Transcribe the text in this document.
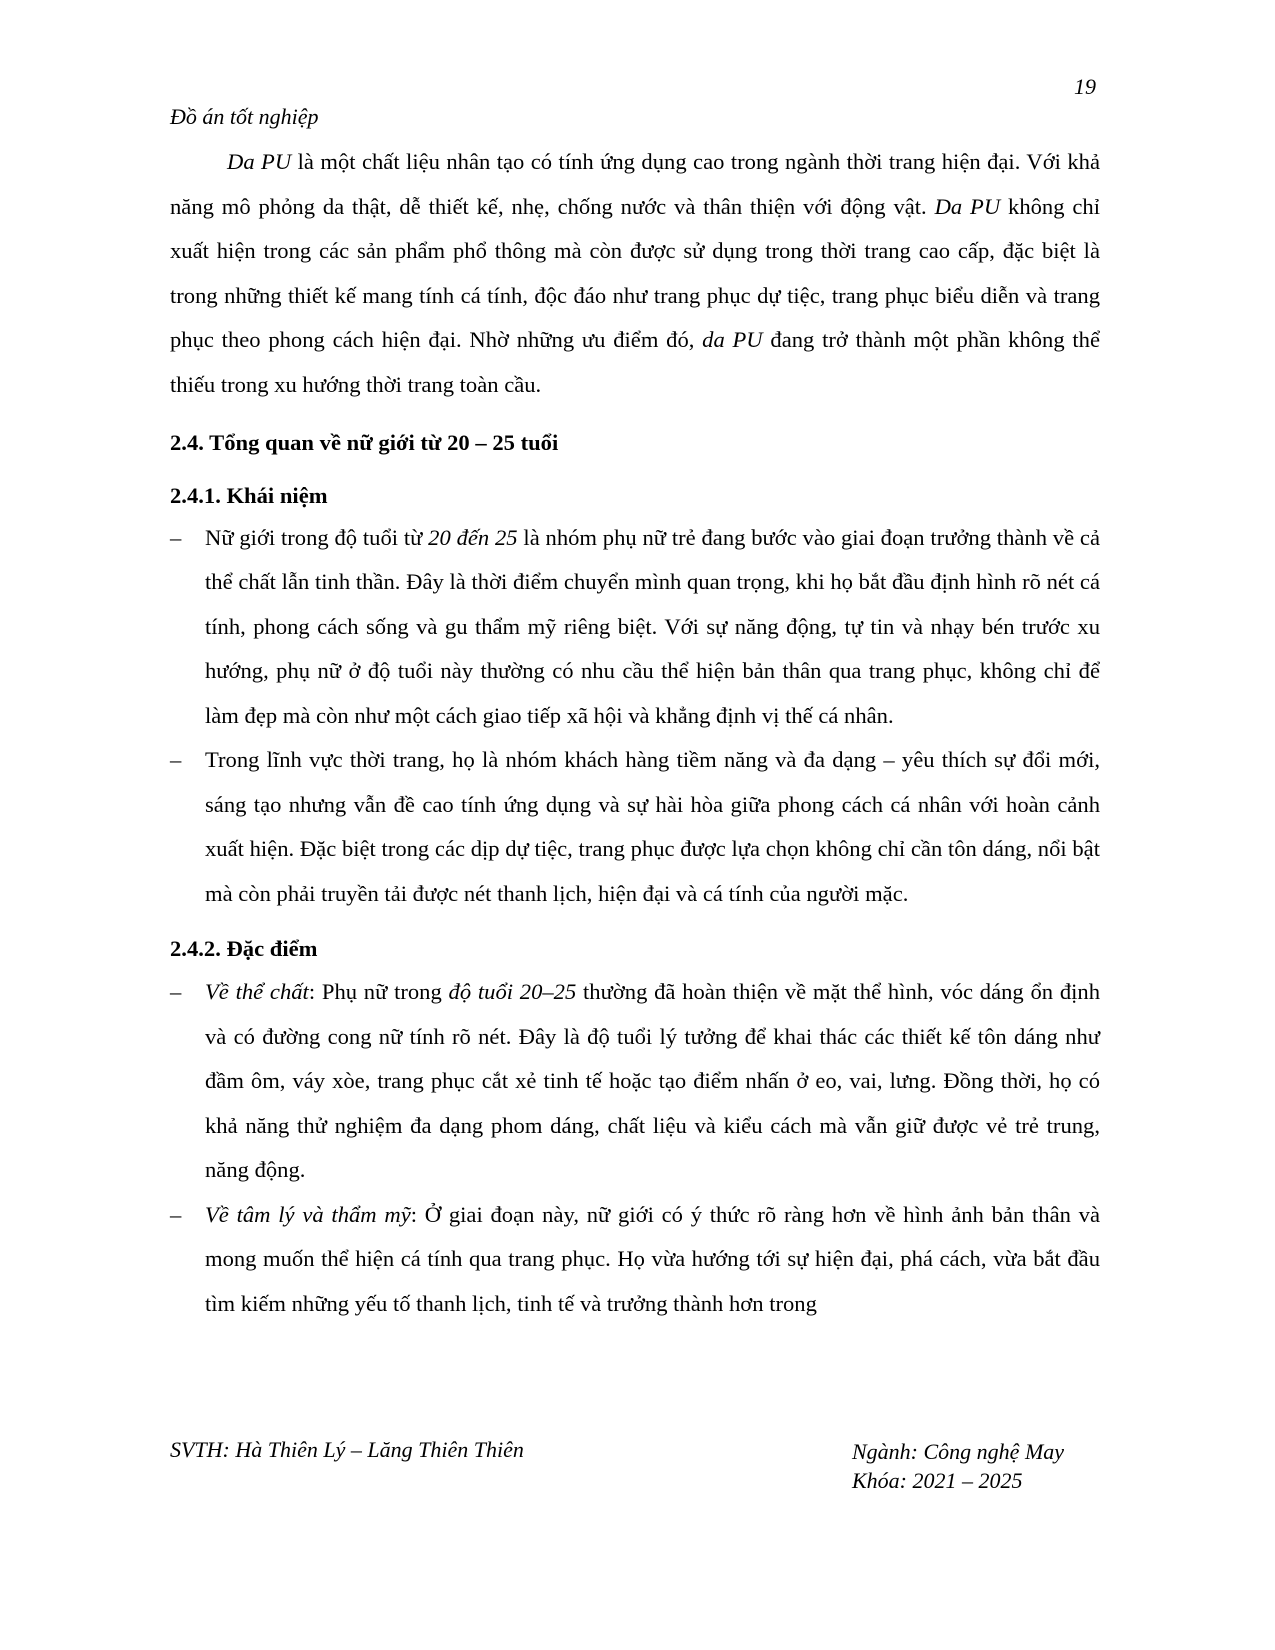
19
Đồ án tốt nghiệp

Da PU là một chất liệu nhân tạo có tính ứng dụng cao trong ngành thời trang hiện đại. Với khả năng mô phỏng da thật, dễ thiết kế, nhẹ, chống nước và thân thiện với động vật. Da PU không chỉ xuất hiện trong các sản phẩm phổ thông mà còn được sử dụng trong thời trang cao cấp, đặc biệt là trong những thiết kế mang tính cá tính, độc đáo như trang phục dự tiệc, trang phục biểu diễn và trang phục theo phong cách hiện đại. Nhờ những ưu điểm đó, da PU đang trở thành một phần không thể thiếu trong xu hướng thời trang toàn cầu.

2.4. Tổng quan về nữ giới từ 20 – 25 tuổi
2.4.1. Khái niệm

– Nữ giới trong độ tuổi từ 20 đến 25 là nhóm phụ nữ trẻ đang bước vào giai đoạn trưởng thành về cả thể chất lẫn tinh thần. Đây là thời điểm chuyển mình quan trọng, khi họ bắt đầu định hình rõ nét cá tính, phong cách sống và gu thẩm mỹ riêng biệt. Với sự năng động, tự tin và nhạy bén trước xu hướng, phụ nữ ở độ tuổi này thường có nhu cầu thể hiện bản thân qua trang phục, không chỉ để làm đẹp mà còn như một cách giao tiếp xã hội và khẳng định vị thế cá nhân.

– Trong lĩnh vực thời trang, họ là nhóm khách hàng tiềm năng và đa dạng – yêu thích sự đổi mới, sáng tạo nhưng vẫn đề cao tính ứng dụng và sự hài hòa giữa phong cách cá nhân với hoàn cảnh xuất hiện. Đặc biệt trong các dịp dự tiệc, trang phục được lựa chọn không chỉ cần tôn dáng, nổi bật mà còn phải truyền tải được nét thanh lịch, hiện đại và cá tính của người mặc.

2.4.2. Đặc điểm

– Về thể chất: Phụ nữ trong độ tuổi 20–25 thường đã hoàn thiện về mặt thể hình, vóc dáng ổn định và có đường cong nữ tính rõ nét. Đây là độ tuổi lý tưởng để khai thác các thiết kế tôn dáng như đầm ôm, váy xòe, trang phục cắt xẻ tinh tế hoặc tạo điểm nhấn ở eo, vai, lưng. Đồng thời, họ có khả năng thử nghiệm đa dạng phom dáng, chất liệu và kiểu cách mà vẫn giữ được vẻ trẻ trung, năng động.

– Về tâm lý và thẩm mỹ: Ở giai đoạn này, nữ giới có ý thức rõ ràng hơn về hình ảnh bản thân và mong muốn thể hiện cá tính qua trang phục. Họ vừa hướng tới sự hiện đại, phá cách, vừa bắt đầu tìm kiếm những yếu tố thanh lịch, tinh tế và trưởng thành hơn trong

SVTH: Hà Thiên Lý – Lăng Thiên Thiên	Ngành: Công nghệ May
Khóa: 2021 – 2025
